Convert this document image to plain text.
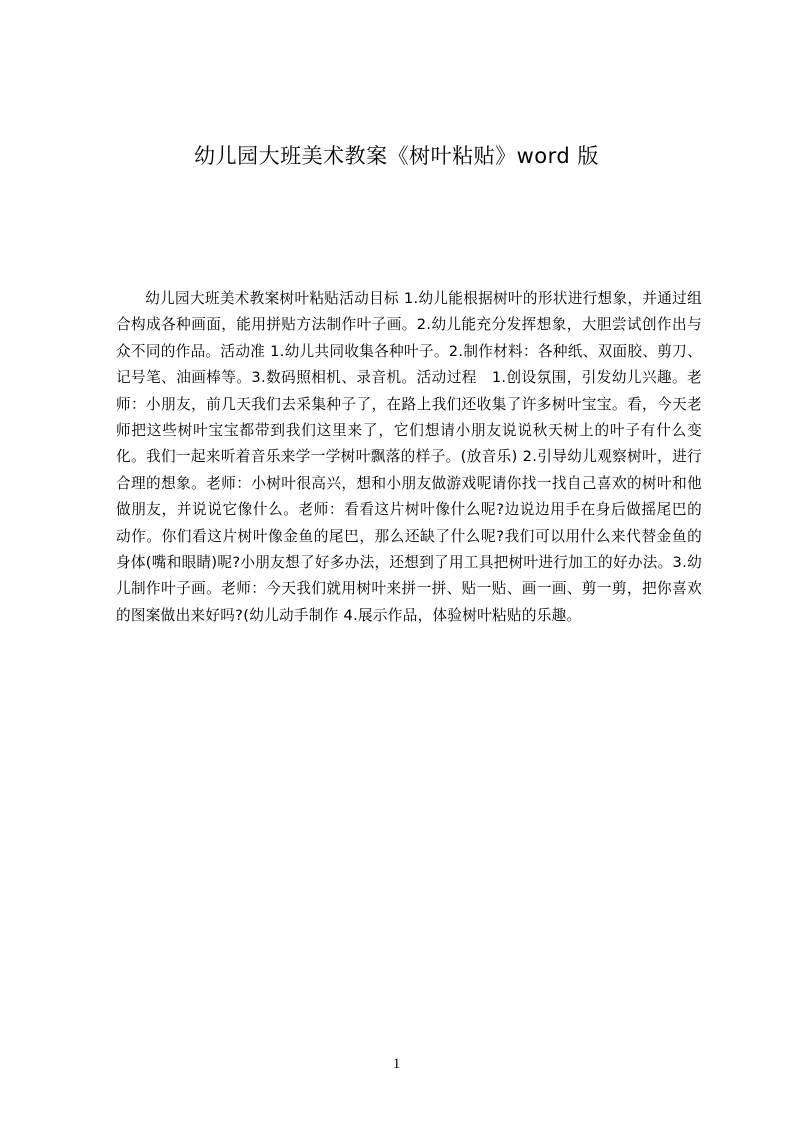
幼儿园大班美术教案《树叶粘贴》word 版

幼儿园大班美术教案树叶粘贴活动目标 1.幼儿能根据树叶的形状进行想象，并通过组合构成各种画面，能用拼贴方法制作叶子画。2.幼儿能充分发挥想象，大胆尝试创作出与众不同的作品。活动准 1.幼儿共同收集各种叶子。2.制作材料：各种纸、双面胶、剪刀、记号笔、油画棒等。3.数码照相机、录音机。活动过程　1.创设氛围，引发幼儿兴趣。老师：小朋友，前几天我们去采集种子了，在路上我们还收集了许多树叶宝宝。看，今天老师把这些树叶宝宝都带到我们这里来了，它们想请小朋友说说秋天树上的叶子有什么变化。我们一起来听着音乐来学一学树叶飘落的样子。(放音乐) 2.引导幼儿观察树叶，进行合理的想象。老师：小树叶很高兴，想和小朋友做游戏呢请你找一找自己喜欢的树叶和他做朋友，并说说它像什么。老师：看看这片树叶像什么呢?边说边用手在身后做摇尾巴的动作。你们看这片树叶像金鱼的尾巴，那么还缺了什么呢?我们可以用什么来代替金鱼的身体(嘴和眼睛)呢?小朋友想了好多办法，还想到了用工具把树叶进行加工的好办法。3.幼儿制作叶子画。老师：今天我们就用树叶来拼一拼、贴一贴、画一画、剪一剪，把你喜欢的图案做出来好吗?(幼儿动手制作 4.展示作品，体验树叶粘贴的乐趣。

1
